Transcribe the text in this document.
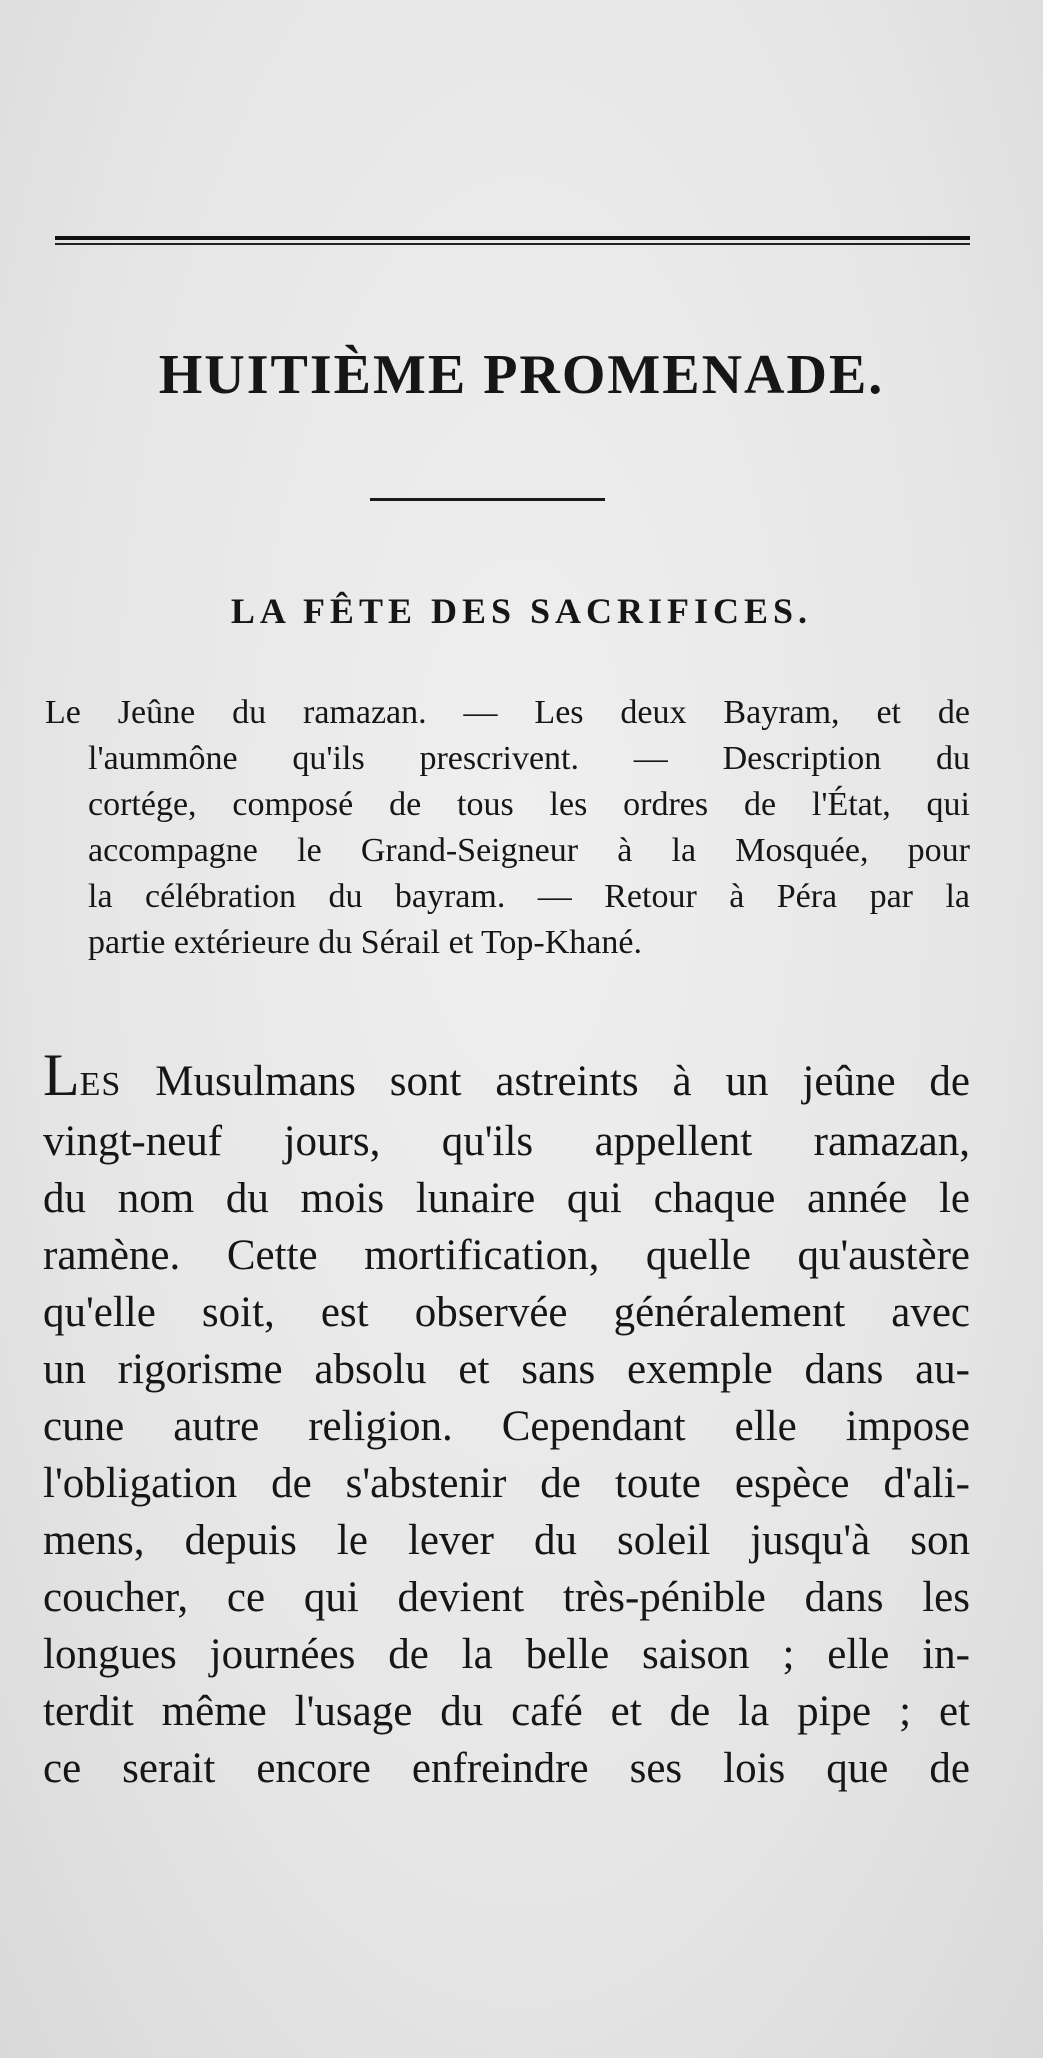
HUITIÈME PROMENADE.
LA FÊTE DES SACRIFICES.

Le Jeûne du ramazan. — Les deux Bayram, et de
l'aummône qu'ils prescrivent. — Description du
cortége, composé de tous les ordres de l'État, qui
accompagne le Grand-Seigneur à la Mosquée, pour
la célébration du bayram. — Retour à Péra par la
partie extérieure du Sérail et Top-Khané.

LES Musulmans sont astreints à un jeûne de
vingt-neuf jours, qu'ils appellent ramazan,
du nom du mois lunaire qui chaque année le
ramène. Cette mortification, quelle qu'austère
qu'elle soit, est observée généralement avec
un rigorisme absolu et sans exemple dans au-
cune autre religion. Cependant elle impose
l'obligation de s'abstenir de toute espèce d'ali-
mens, depuis le lever du soleil jusqu'à son
coucher, ce qui devient très-pénible dans les
longues journées de la belle saison ; elle in-
terdit même l'usage du café et de la pipe ; et
ce serait encore enfreindre ses lois que de
